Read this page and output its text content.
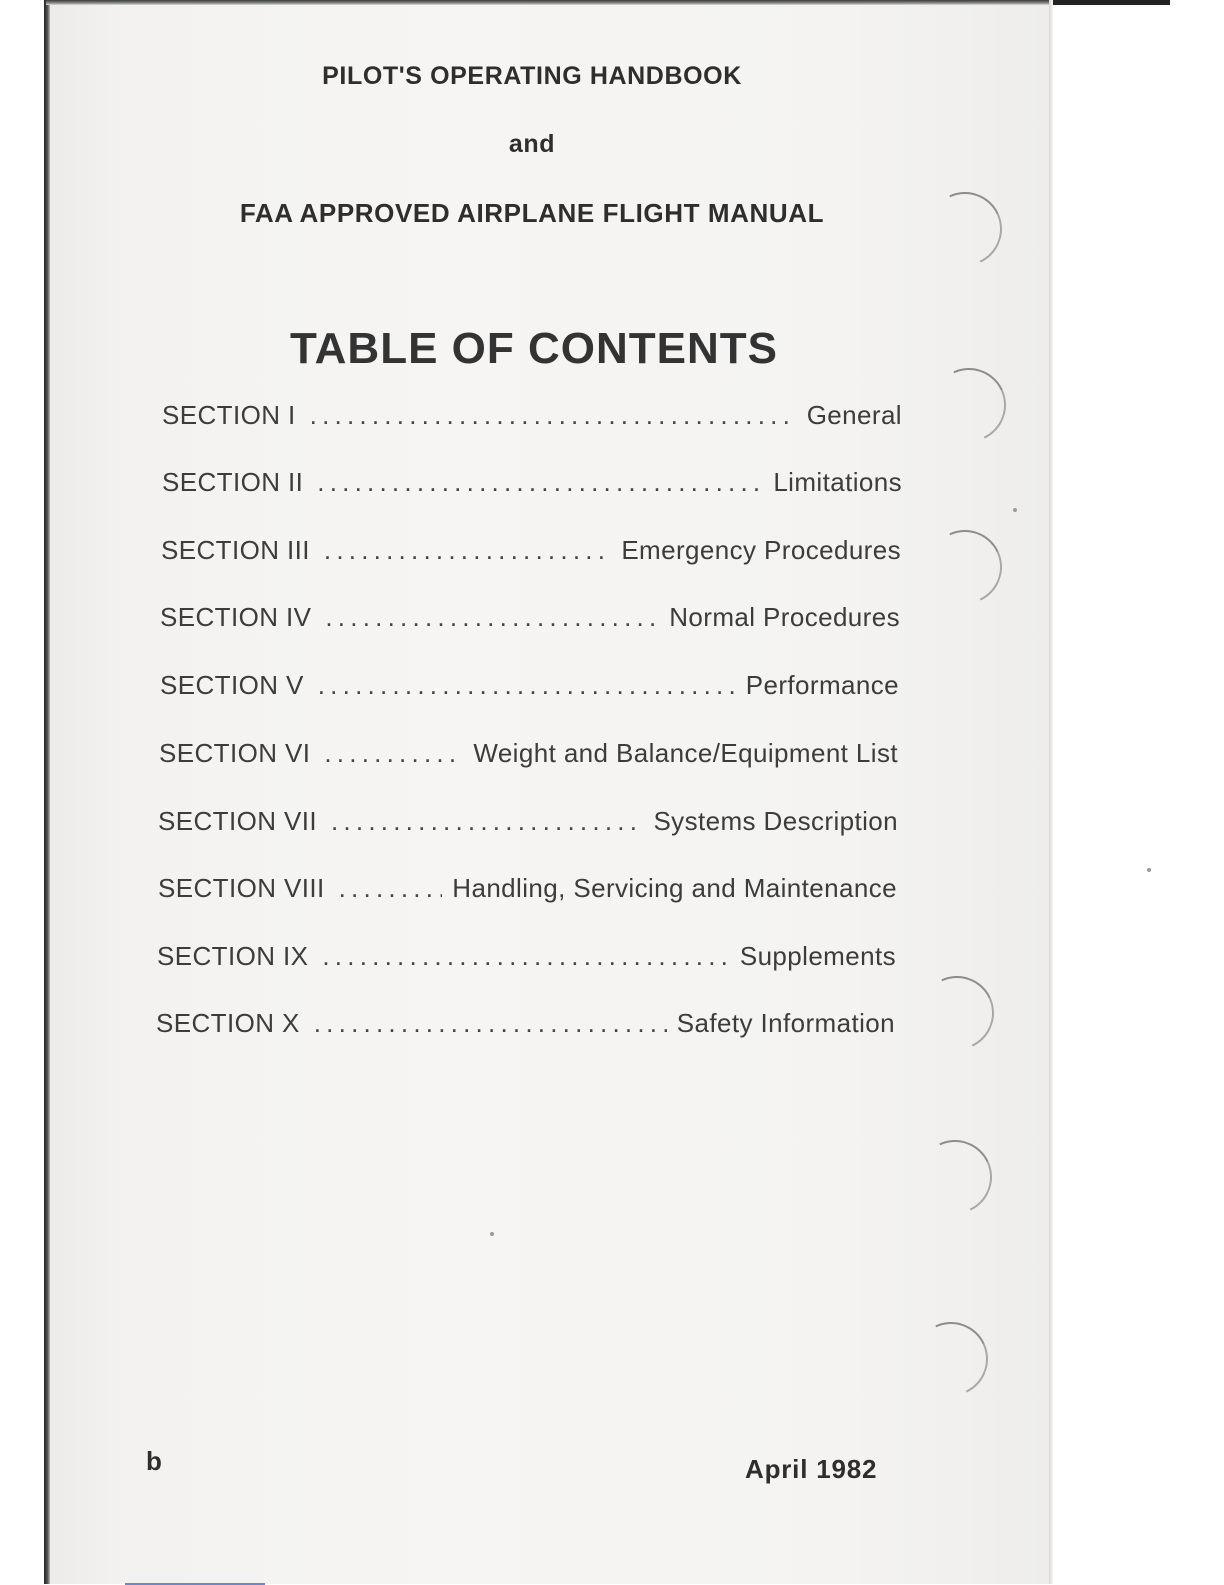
PILOT'S OPERATING HANDBOOK
and
FAA APPROVED AIRPLANE FLIGHT MANUAL
TABLE OF CONTENTS
SECTION I . . .	General
SECTION II . . .	Limitations
SECTION III . . .	Emergency Procedures
SECTION IV . . .	Normal Procedures
SECTION V . . .	Performance
SECTION VI . . .	Weight and Balance/Equipment List
SECTION VII . . .	Systems Description
SECTION VIII . . .	Handling, Servicing and Maintenance
SECTION IX . . .	Supplements
SECTION X . . .	Safety Information
b	April 1982
